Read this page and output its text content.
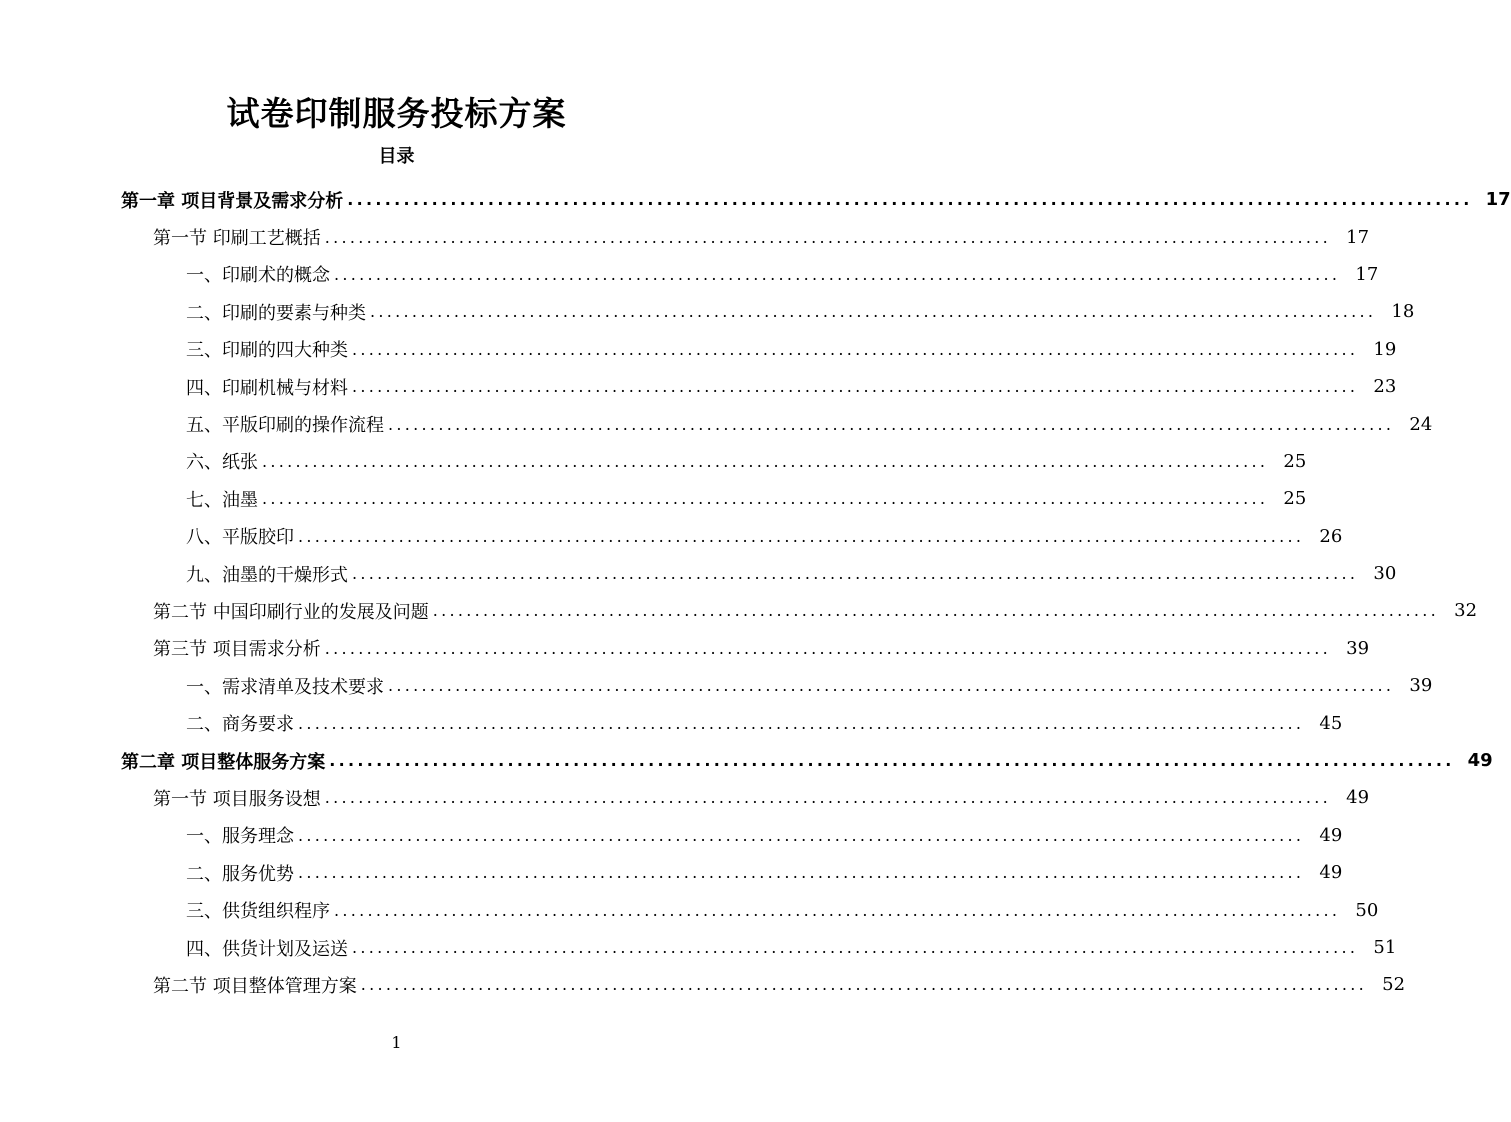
试卷印制服务投标方案
目录
第一章 项目背景及需求分析 ........................................................................................................................ 17
第一节 印刷工艺概括 ........................................................................................................................ 17
一、印刷术的概念 ........................................................................................................................ 17
二、印刷的要素与种类 ........................................................................................................................ 18
三、印刷的四大种类 ........................................................................................................................ 19
四、印刷机械与材料 ........................................................................................................................ 23
五、平版印刷的操作流程 ........................................................................................................................ 24
六、纸张 ........................................................................................................................ 25
七、油墨 ........................................................................................................................ 25
八、平版胶印 ........................................................................................................................ 26
九、油墨的干燥形式 ........................................................................................................................ 30
第二节 中国印刷行业的发展及问题 ........................................................................................................................ 32
第三节 项目需求分析 ........................................................................................................................ 39
一、需求清单及技术要求 ........................................................................................................................ 39
二、商务要求 ........................................................................................................................ 45
第二章 项目整体服务方案 ........................................................................................................................ 49
第一节 项目服务设想 ........................................................................................................................ 49
一、服务理念 ........................................................................................................................ 49
二、服务优势 ........................................................................................................................ 49
三、供货组织程序 ........................................................................................................................ 50
四、供货计划及运送 ........................................................................................................................ 51
第二节 项目整体管理方案 ........................................................................................................................ 52
1
